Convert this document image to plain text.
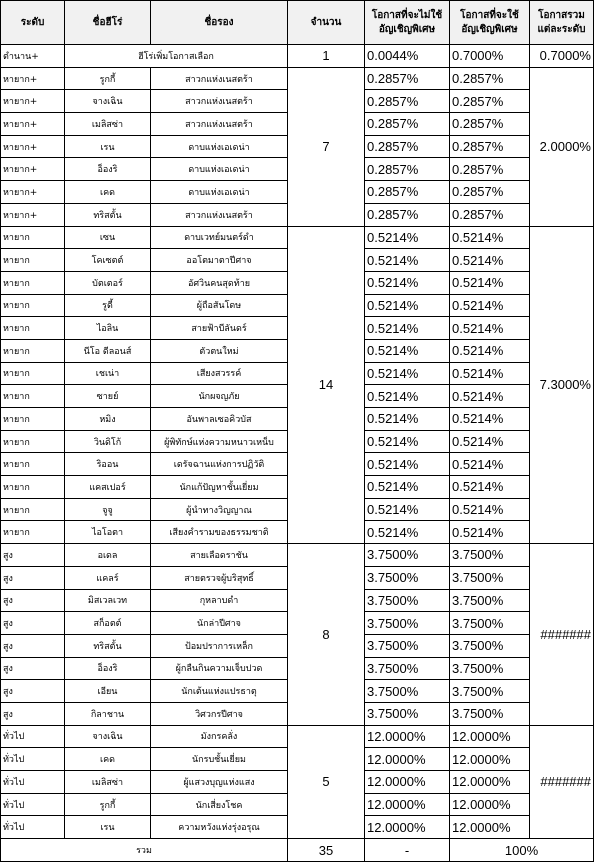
ระดับ	ชื่อฮีโร่	ชื่อรอง	จำนวน	โอกาสที่จะไม่ใช้อัญเชิญพิเศษ	โอกาสที่จะใช้อัญเชิญพิเศษ	โอกาสรวมแต่ละระดับ
ตำนาน+	ฮีโร่เพิ่มโอกาสเลือก		1	0.0044%	0.7000%	0.7000%
หายาก+	รูกกี้	สาวกแห่งเนสตร้า	7	0.2857%	0.2857%	2.0000%
หายาก+	จางเฉิน	สาวกแห่งเนสตร้า		0.2857%	0.2857%	
หายาก+	เมลิสซ่า	สาวกแห่งเนสตร้า		0.2857%	0.2857%	
หายาก+	เรน	ดาบแห่งเอเดน่า		0.2857%	0.2857%	
หายาก+	อ็องริ	ดาบแห่งเอเดน่า		0.2857%	0.2857%	
หายาก+	เคด	ดาบแห่งเอเดน่า		0.2857%	0.2857%	
หายาก+	ทริสตั้น	สาวกแห่งเนสตร้า		0.2857%	0.2857%	
หายาก	เซน	ดาบเวทย์มนตร์ดำ	14	0.5214%	0.5214%	7.3000%
หายาก	โคเซตต์	ออโตมาตาปีศาจ		0.5214%	0.5214%	
หายาก	บัตเตอร์	อัศวินคนสุดท้าย		0.5214%	0.5214%	
หายาก	รูดี้	ผู้ถือสันโดษ		0.5214%	0.5214%	
หายาก	ไอลิน	สายฟ้าบีลันดร์		0.5214%	0.5214%	
หายาก	นีโอ ดีลอนส์	ตัวตนใหม่		0.5214%	0.5214%	
หายาก	เชเน่า	เสียงสวรรค์		0.5214%	0.5214%	
หายาก	ซายย์	นักผจญภัย		0.5214%	0.5214%	
หายาก	หมิง	อันพาลเซอคิวบัส		0.5214%	0.5214%	
หายาก	วินดิโก้	ผู้พิทักษ์แห่งความหนาวเหน็บ		0.5214%	0.5214%	
หายาก	ริออน	เดรัจฉานแห่งการปฏิวัติ		0.5214%	0.5214%	
หายาก	แคสเปอร์	นักแก้ปัญหาชั้นเยี่ยม		0.5214%	0.5214%	
หายาก	จูจู	ผู้นำทางวิญญาณ		0.5214%	0.5214%	
หายาก	ไอโอตา	เสียงคำรามของธรรมชาติ		0.5214%	0.5214%	
สูง	อเดล	สายเลือดราชัน	8	3.7500%	3.7500%	#######
สูง	แคลร์	สายตรวจผู้บริสุทธิ์		3.7500%	3.7500%	
สูง	มิสเวลเวท	กุหลาบดำ		3.7500%	3.7500%	
สูง	สก็อตต์	นักล่าปีศาจ		3.7500%	3.7500%	
สูง	ทริสตั้น	ป้อมปราการเหล็ก		3.7500%	3.7500%	
สูง	อ็องริ	ผู้กลืนกินความเจ็บปวด		3.7500%	3.7500%	
สูง	เอียน	นักเต้นแห่งแปรธาตุ		3.7500%	3.7500%	
สูง	กิลาชาน	วิศวกรปีศาจ		3.7500%	3.7500%	
ทั่วไป	จางเฉิน	มังกรคลั่ง	5	12.0000%	12.0000%	#######
ทั่วไป	เคด	นักรบชั้นเยี่ยม		12.0000%	12.0000%	
ทั่วไป	เมลิสซ่า	ผู้แสวงบุญแห่งแสง		12.0000%	12.0000%	
ทั่วไป	รูกกี้	นักเสี่ยงโชค		12.0000%	12.0000%	
ทั่วไป	เรน	ความหวังแห่งรุ่งอรุณ		12.0000%	12.0000%	
รวม			35	-	100%	
